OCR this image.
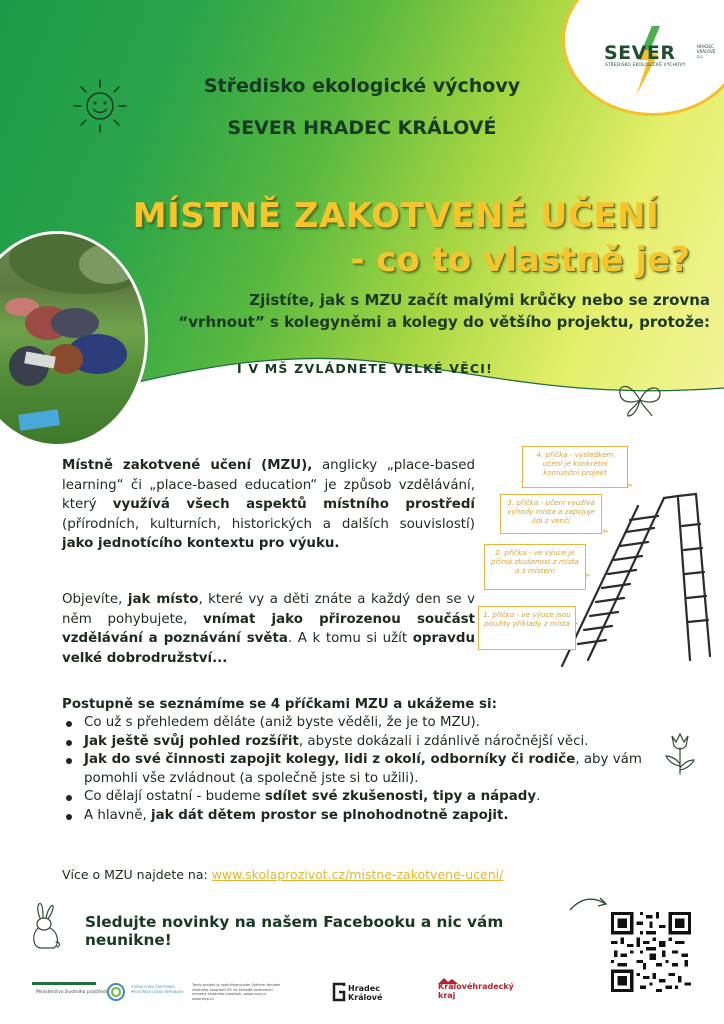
SEVER
STŘEDISKO EKOLOGICKÉ VÝCHOVY
HRADEC KRÁLOVÉ z.s.
Středisko ekologické výchovy
SEVER HRADEC KRÁLOVÉ
MÍSTNĚ ZAKOTVENÉ UČENÍ
- co to vlastně je?
Zjistíte, jak s MZU začít malými krůčky nebo se zrovna
“vrhnout” s kolegyněmi a kolegy do většího projektu, protože:
I V MŠ ZVLÁDNETE VELKÉ VĚCI!
Místně zakotvené učení (MZU), anglicky „place-based learning“ či „place-based education“ je způsob vzdělávání, který využívá všech aspektů místního prostředí (přírodních, kulturních, historických a dalších souvislostí) jako jednotícího kontextu pro výuku.
Objevíte, jak místo, které vy a děti znáte a každý den se v něm pohybujete, vnímat jako přirozenou součást vzdělávání a poznávání světa. A k tomu si užít opravdu velké dobrodružství...
4. příčka - výsledkem učení je konkrétní komunitní projekt
3. příčka - učení využívá výhody místa a zapojuje lidi z venčí
2. příčka - ve výuce je přímá zkušenost z místa a s místem
1. příčka - ve výuce jsou použity příklady z místa
Postupně se seznámíme se 4 příčkami MZU a ukážeme si:
Co už s přehledem děláte (aniž byste věděli, že je to MZU).
Jak ještě svůj pohled rozšířit, abyste dokázali i zdánlivě náročnější věci.
Jak do své činnosti zapojit kolegy, lidi z okolí, odborníky či rodiče, aby vám pomohli vše zvládnout (a společně jste si to užili).
Co dělají ostatní - budeme sdílet své zkušenosti, tipy a nápady.
A hlavně, jak dát dětem prostor se plnohodnotně zapojit.
Více o MZU najdete na: www.skolaprozivot.cz/mistne-zakotvene-uceni/
Sledujte novinky na našem Facebooku a nic vám neunikne!
Ministerstvo životního prostředí
STÁTNÍ FOND ŽIVOTNÍHO PROSTŘEDÍ ČESKÉ REPUBLIKY
Tento projekt je spolufinancován Státním fondem životního prostředí ČR na základě rozhodnutí ministra životního prostředí. www.mzp.cz www.sfzp.cz
Hradec Králové
Královéhradecký kraj
